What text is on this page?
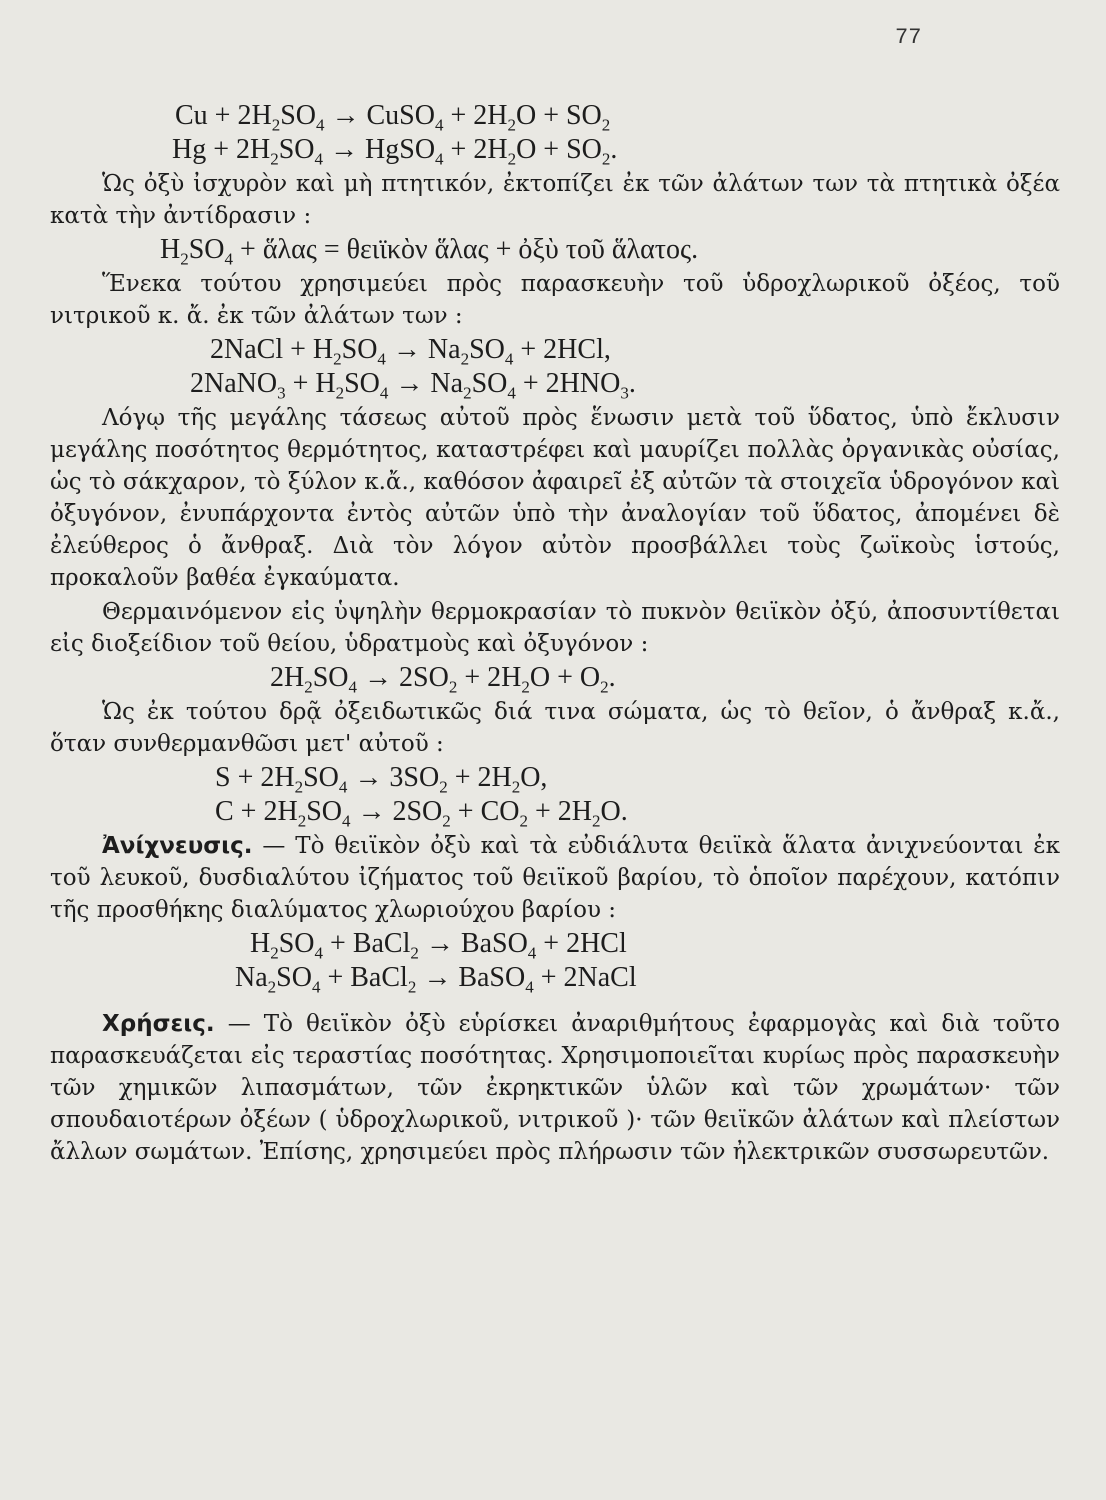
77
$Cu + 2H_2SO_4$ → CuSO$_4$ + $2H_2O + SO_2$
$Hg + 2H_2SO_4$ → HgSO$_4$ + $2H_2O + SO_2$.

Ὡς ὀξὺ ἰσχυρὸν καὶ μὴ πτητικόν, ἐκτοπίζει ἐκ τῶν ἀλάτων των τὰ πτητικὰ ὀξέα κατὰ τὴν ἀντίδρασιν :

$H_2SO_4$ + ἅλας = θειϊκὸν ἅλας + ὀξὺ τοῦ ἅλατος.

Ἕνεκα τούτου χρησιμεύει πρὸς παρασκευὴν τοῦ ὑδροχλωρικοῦ ὀξέος, τοῦ νιτρικοῦ κ. ἄ. ἐκ τῶν ἀλάτων των :

2NaCl + $H_2SO_4 \to Na_2SO_4 + 2HCl$,
2NaNO$_3$ + $H_2SO_4 \to Na_2SO_4 + 2HNO_3$.

Λόγῳ τῆς μεγάλης τάσεως αὐτοῦ πρὸς ἕνωσιν μετὰ τοῦ ὕδατος, ὑπὸ ἔκλυσιν μεγάλης ποσότητος θερμότητος, καταστρέφει καὶ μαυρίζει πολλὰς ὀργανικὰς οὐσίας, ὡς τὸ σάκχαρον, τὸ ξύλον κ.ἄ., καθόσον ἀφαιρεῖ ἐξ αὐτῶν τὰ στοιχεῖα ὑδρογόνον καὶ ὀξυγόνον, ἐνυπάρχοντα ἐντὸς αὐτῶν ὑπὸ τὴν ἀναλογίαν τοῦ ὕδατος, ἀπομένει δὲ ἐλεύθερος ὁ ἄνθραξ. Διὰ τὸν λόγον αὐτὸν προσβάλλει τοὺς ζωϊκοὺς ἱστούς, προκαλοῦν βαθέα ἐγκαύματα.

Θερμαινόμενον εἰς ὑψηλὴν θερμοκρασίαν τὸ πυκνὸν θειϊκὸν ὀξύ, ἀποσυντίθεται εἰς διοξείδιον τοῦ θείου, ὑδρατμοὺς καὶ ὀξυγόνον :

$2H_2SO_4 \to 2SO_2 + 2H_2O + O_2$.

Ὡς ἐκ τούτου δρᾷ ὀξειδωτικῶς διά τινα σώματα, ὡς τὸ θεῖον, ὁ ἄνθραξ κ.ἄ., ὅταν συνθερμανθῶσι μετ' αὐτοῦ :

$S + 2H_2SO_4 \to 3SO_2 + 2H_2O$,
$C + 2H_2SO_4 \to 2SO_2 + CO_2 + 2H_2O$.

Ἀνίχνευσις. — Τὸ θειϊκὸν ὀξὺ καὶ τὰ εὐδιάλυτα θειϊκὰ ἅλατα ἀνιχνεύονται ἐκ τοῦ λευκοῦ, δυσδιαλύτου ἰζήματος τοῦ θειϊκοῦ βαρίου, τὸ ὁποῖον παρέχουν, κατόπιν τῆς προσθήκης διαλύματος χλωριούχου βαρίου :

$H_2SO_4$ + BaCl$_2$ → BaSO$_4$ + 2HCl
$Na_2SO_4$ + BaCl$_2$ → BaSO$_4$ + 2NaCl

Χρήσεις. — Τὸ θειϊκὸν ὀξὺ εὑρίσκει ἀναριθμήτους ἐφαρμογὰς καὶ διὰ τοῦτο παρασκευάζεται εἰς τεραστίας ποσότητας. Χρησιμοποιεῖται κυρίως πρὸς παρασκευὴν τῶν χημικῶν λιπασμάτων, τῶν ἐκρηκτικῶν ὑλῶν καὶ τῶν χρωμάτων· τῶν σπουδαιοτέρων ὀξέων ( ὑδροχλωρικοῦ, νιτρικοῦ )· τῶν θειϊκῶν ἀλάτων καὶ πλείστων ἄλλων σωμάτων. Ἐπίσης, χρησιμεύει πρὸς πλήρωσιν τῶν ἠλεκτρικῶν συσσωρευτῶν.
